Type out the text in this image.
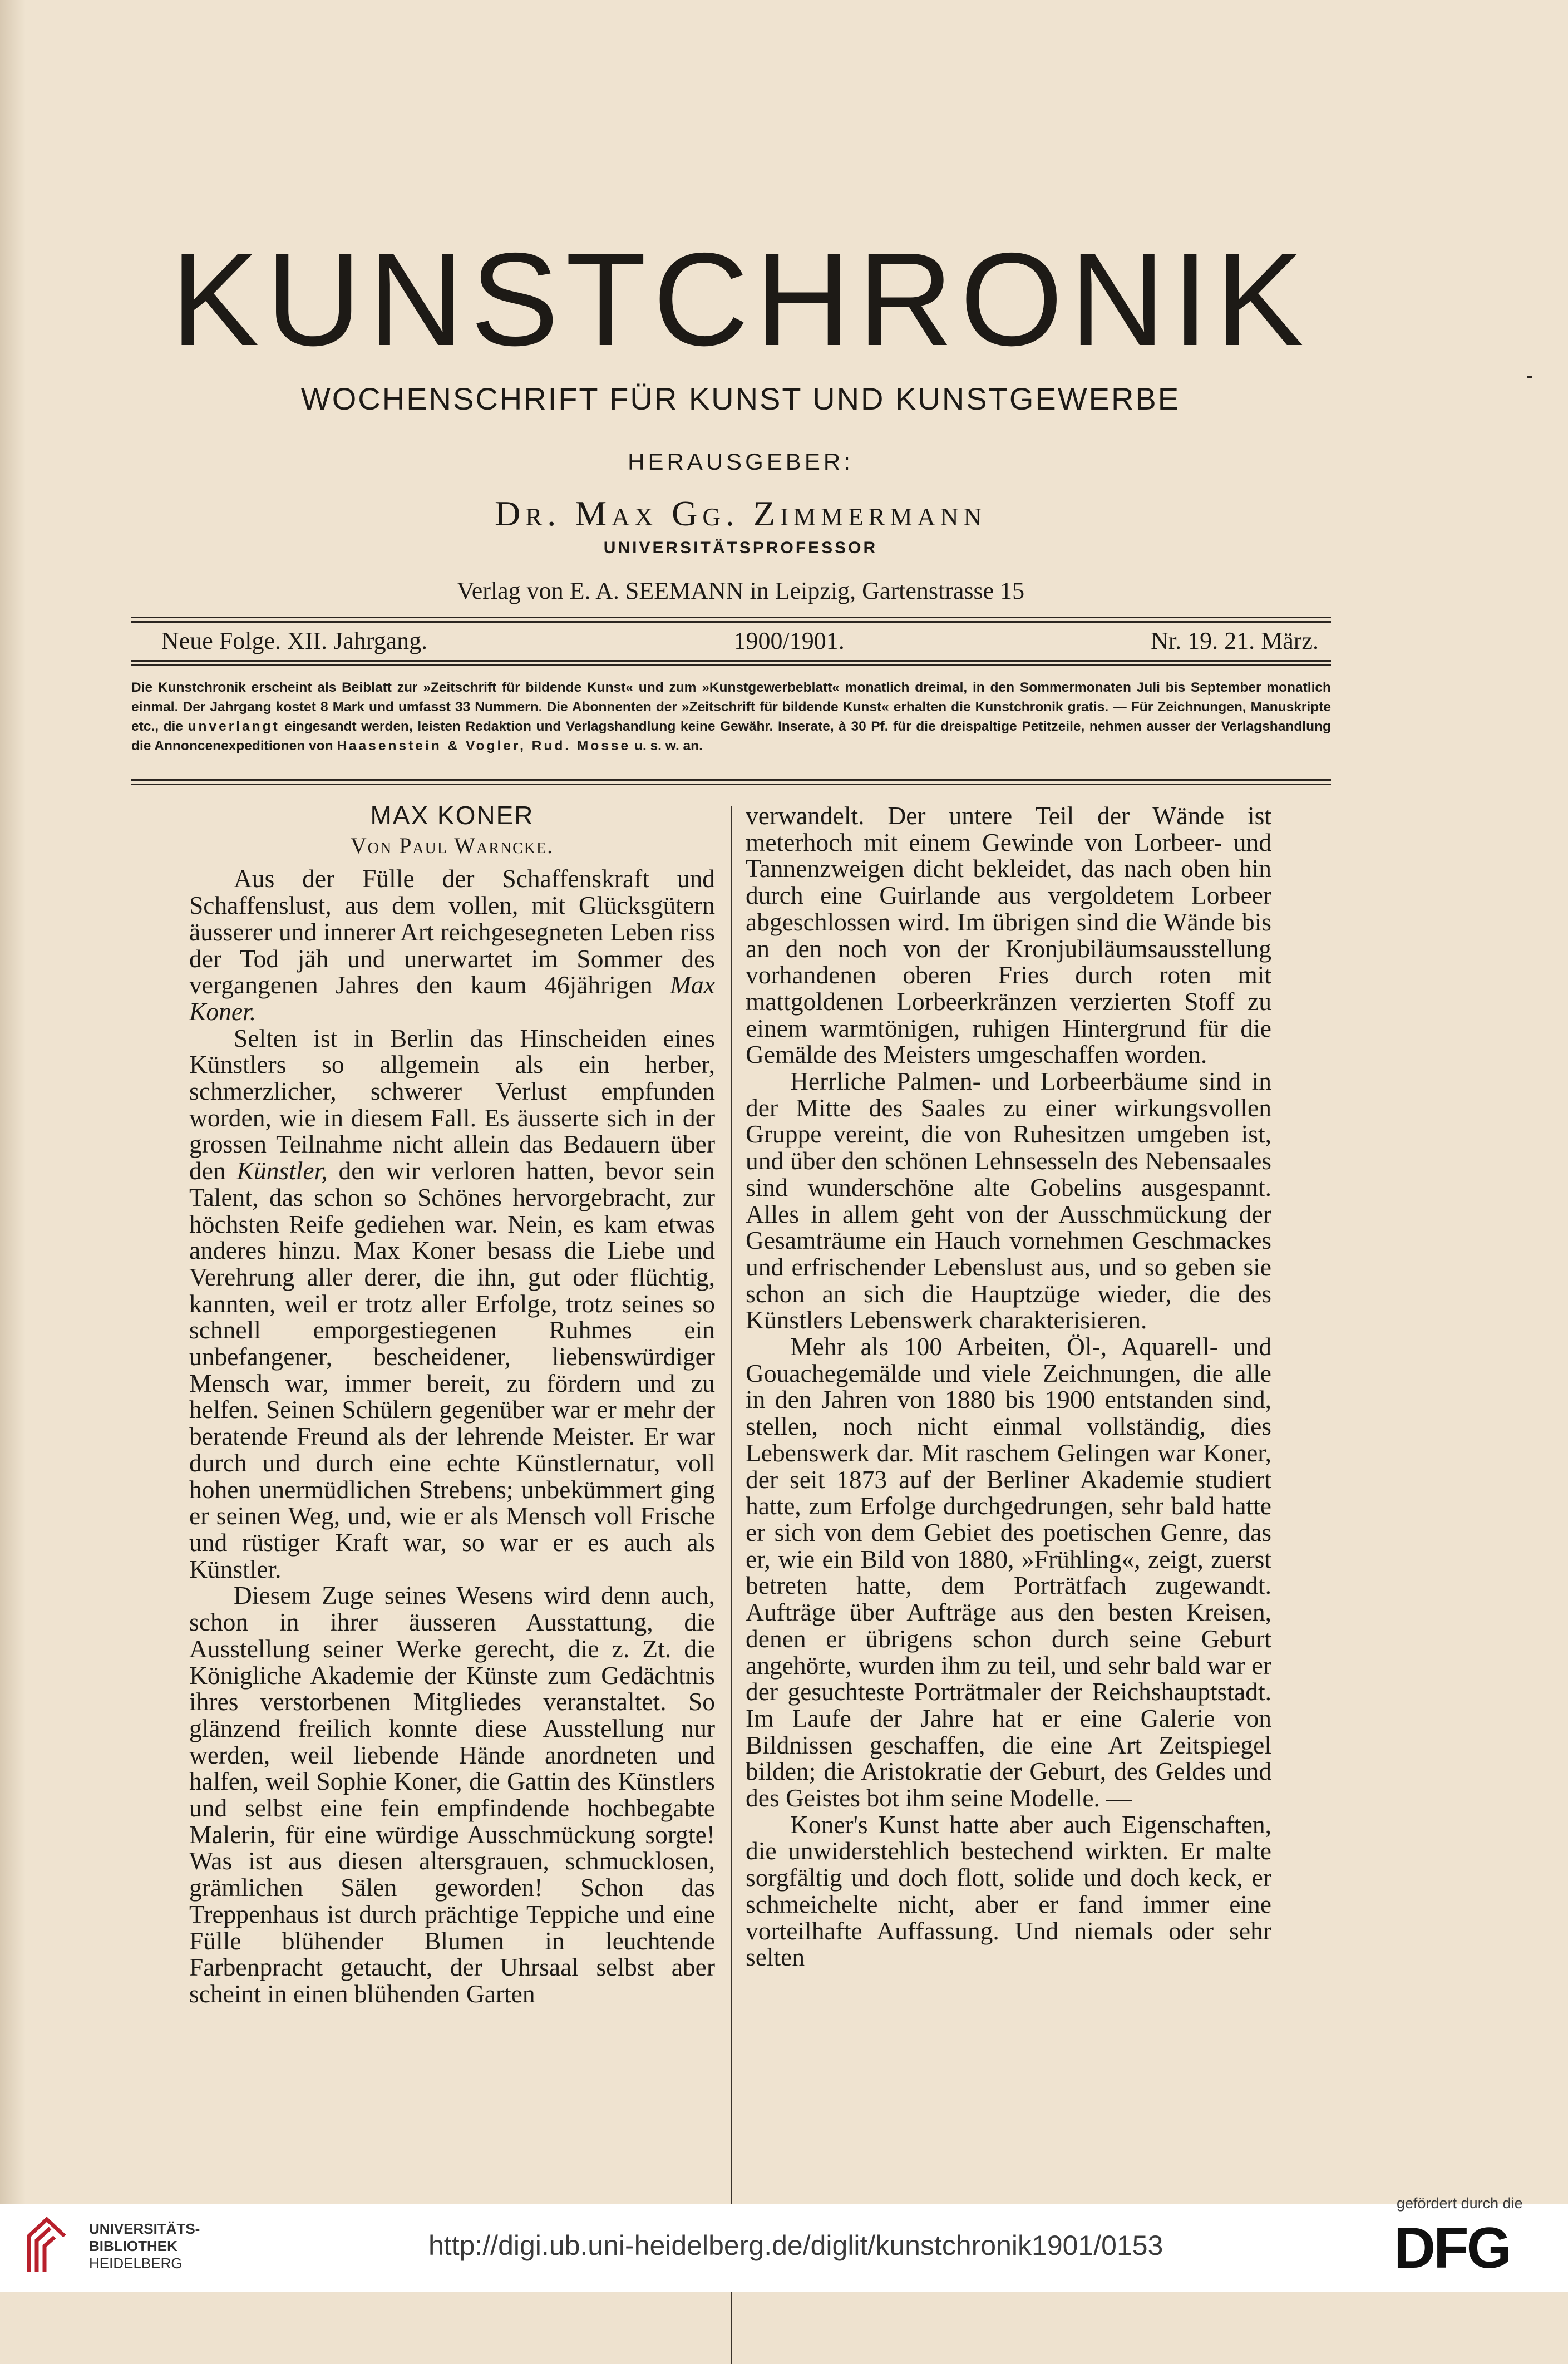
KUNSTCHRONIK
WOCHENSCHRIFT FÜR KUNST UND KUNSTGEWERBE
HERAUSGEBER:
Dr. Max Gg. Zimmermann
UNIVERSITÄTSPROFESSOR
Verlag von E. A. SEEMANN in Leipzig, Gartenstrasse 15
Neue Folge. XII. Jahrgang.	1900/1901.	Nr. 19. 21. März.
Die Kunstchronik erscheint als Beiblatt zur »Zeitschrift für bildende Kunst« und zum »Kunstgewerbeblatt« monatlich dreimal, in den Sommermonaten Juli bis September monatlich einmal. Der Jahrgang kostet 8 Mark und umfasst 33 Nummern. Die Abonnenten der »Zeitschrift für bildende Kunst« erhalten die Kunstchronik gratis. — Für Zeichnungen, Manuskripte etc., die unverlangt eingesandt werden, leisten Redaktion und Verlagshandlung keine Gewähr. Inserate, à 30 Pf. für die dreispaltige Petitzeile, nehmen ausser der Verlagshandlung die Annoncenexpeditionen von Haasenstein & Vogler, Rud. Mosse u. s. w. an.
MAX KONER
Von Paul Warncke.

Aus der Fülle der Schaffenskraft und Schaffenslust, aus dem vollen, mit Glücksgütern äusserer und innerer Art reichgesegneten Leben riss der Tod jäh und unerwartet im Sommer des vergangenen Jahres den kaum 46jährigen Max Koner.

Selten ist in Berlin das Hinscheiden eines Künstlers so allgemein als ein herber, schmerzlicher, schwerer Verlust empfunden worden, wie in diesem Fall. Es äusserte sich in der grossen Teilnahme nicht allein das Bedauern über den Künstler, den wir verloren hatten, bevor sein Talent, das schon so Schönes hervorgebracht, zur höchsten Reife gediehen war. Nein, es kam etwas anderes hinzu. Max Koner besass die Liebe und Verehrung aller derer, die ihn, gut oder flüchtig, kannten, weil er trotz aller Erfolge, trotz seines so schnell emporgestiegenen Ruhmes ein unbefangener, bescheidener, liebenswürdiger Mensch war, immer bereit, zu fördern und zu helfen. Seinen Schülern gegenüber war er mehr der beratende Freund als der lehrende Meister. Er war durch und durch eine echte Künstlernatur, voll hohen unermüdlichen Strebens; unbekümmert ging er seinen Weg, und, wie er als Mensch voll Frische und rüstiger Kraft war, so war er es auch als Künstler.

Diesem Zuge seines Wesens wird denn auch, schon in ihrer äusseren Ausstattung, die Ausstellung seiner Werke gerecht, die z. Zt. die Königliche Akademie der Künste zum Gedächtnis ihres verstorbenen Mitgliedes veranstaltet. So glänzend freilich konnte diese Ausstellung nur werden, weil liebende Hände anordneten und halfen, weil Sophie Koner, die Gattin des Künstlers und selbst eine fein empfindende hochbegabte Malerin, für eine würdige Ausschmückung sorgte! Was ist aus diesen altersgrauen, schmucklosen, grämlichen Sälen geworden! Schon das Treppenhaus ist durch prächtige Teppiche und eine Fülle blühender Blumen in leuchtende Farbenpracht getaucht, der Uhrsaal selbst aber scheint in einen blühenden Garten

verwandelt. Der untere Teil der Wände ist meterhoch mit einem Gewinde von Lorbeer- und Tannenzweigen dicht bekleidet, das nach oben hin durch eine Guirlande aus vergoldetem Lorbeer abgeschlossen wird. Im übrigen sind die Wände bis an den noch von der Kronjubiläumsausstellung vorhandenen oberen Fries durch roten mit mattgoldenen Lorbeerkränzen verzierten Stoff zu einem warmtönigen, ruhigen Hintergrund für die Gemälde des Meisters umgeschaffen worden.

Herrliche Palmen- und Lorbeerbäume sind in der Mitte des Saales zu einer wirkungsvollen Gruppe vereint, die von Ruhesitzen umgeben ist, und über den schönen Lehnsesseln des Nebensaales sind wunderschöne alte Gobelins ausgespannt. Alles in allem geht von der Ausschmückung der Gesamträume ein Hauch vornehmen Geschmackes und erfrischender Lebenslust aus, und so geben sie schon an sich die Hauptzüge wieder, die des Künstlers Lebenswerk charakterisieren.

Mehr als 100 Arbeiten, Öl-, Aquarell- und Gouachegemälde und viele Zeichnungen, die alle in den Jahren von 1880 bis 1900 entstanden sind, stellen, noch nicht einmal vollständig, dies Lebenswerk dar. Mit raschem Gelingen war Koner, der seit 1873 auf der Berliner Akademie studiert hatte, zum Erfolge durchgedrungen, sehr bald hatte er sich von dem Gebiet des poetischen Genre, das er, wie ein Bild von 1880, »Frühling«, zeigt, zuerst betreten hatte, dem Porträtfach zugewandt. Aufträge über Aufträge aus den besten Kreisen, denen er übrigens schon durch seine Geburt angehörte, wurden ihm zu teil, und sehr bald war er der gesuchteste Porträtmaler der Reichshauptstadt. Im Laufe der Jahre hat er eine Galerie von Bildnissen geschaffen, die eine Art Zeitspiegel bilden; die Aristokratie der Geburt, des Geldes und des Geistes bot ihm seine Modelle. —

Koner's Kunst hatte aber auch Eigenschaften, die unwiderstehlich bestechend wirkten. Er malte sorgfältig und doch flott, solide und doch keck, er schmeichelte nicht, aber er fand immer eine vorteilhafte Auffassung. Und niemals oder sehr selten

UNIVERSITÄTS-
BIBLIOTHEK
HEIDELBERG
http://digi.ub.uni-heidelberg.de/diglit/kunstchronik1901/0153
gefördert durch die
DFG
